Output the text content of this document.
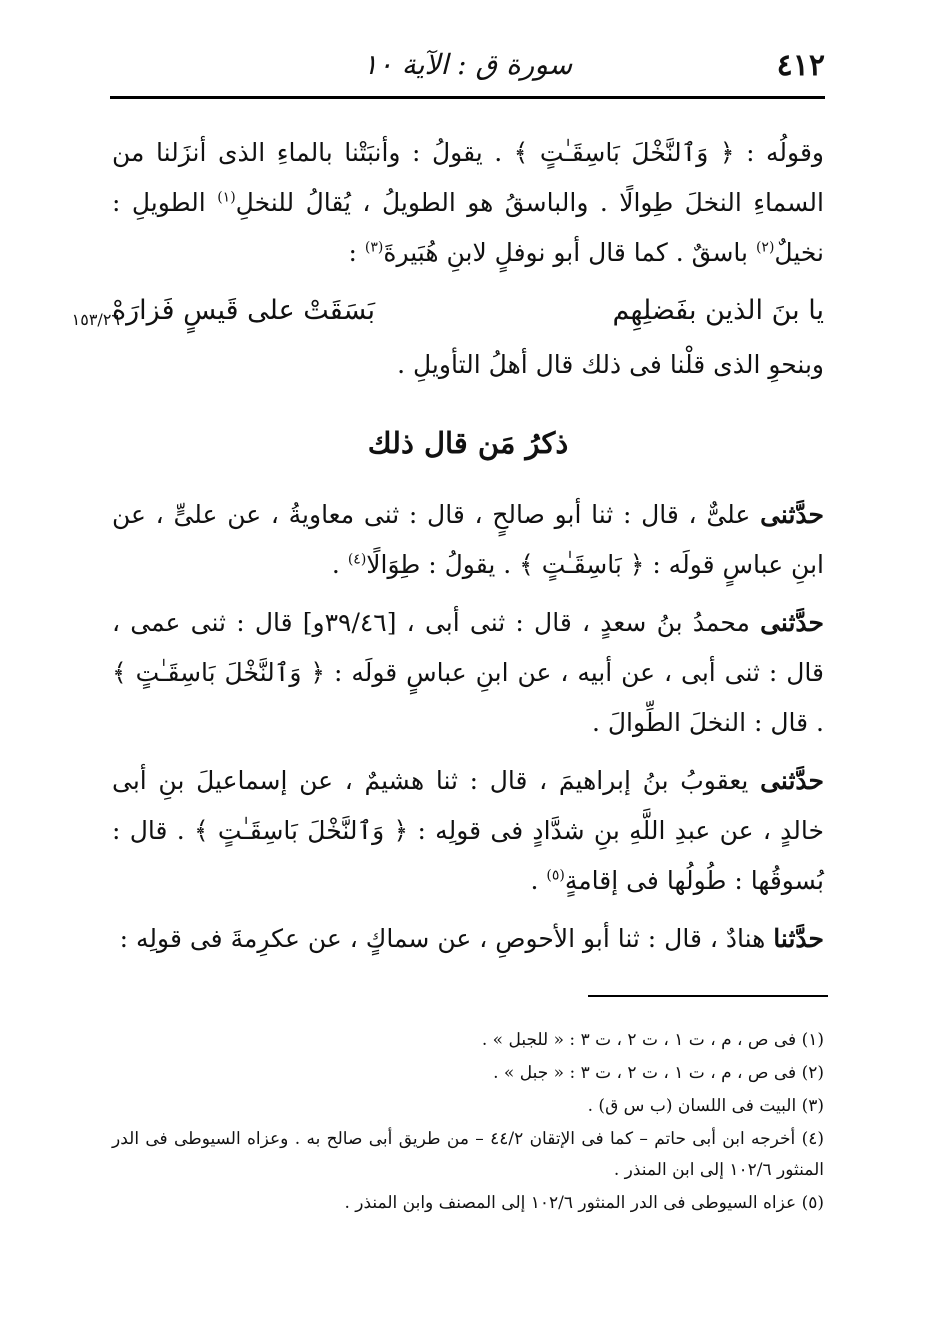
٤١٢
سورة ق : الآية ١٠
١٥٣/٢٦

وقولُه : ﴿ وَٱلنَّخْلَ بَاسِقَـٰتٍ ﴾ . يقولُ : وأنبَتْنا بالماءِ الذى أنزَلنا من السماءِ النخلَ طِوالًا . والباسقُ هو الطويلُ ، يُقالُ للنخلِ$^{(١)}$ الطويلِ : نخيلٌ$^{(٢)}$ باسقٌ . كما قال أبو نوفلٍ لابنِ هُبَيرةَ$^{(٣)}$ :

يا بنَ الذين بفَضلِهِم
بَسَقَتْ على قَيسٍ فَزارَهْ

وبنحوِ الذى قلْنا فى ذلك قال أهلُ التأويلِ .

ذكرُ مَن قال ذلك

حدَّثنى علىٌّ ، قال : ثنا أبو صالحٍ ، قال : ثنى معاويةُ ، عن علىٍّ ، عن ابنِ عباسٍ قولَه : ﴿ بَاسِقَـٰتٍ ﴾ . يقولُ : طِوَالًا$^{(٤)}$ .

حدَّثنى محمدُ بنُ سعدٍ ، قال : ثنى أبى ، [٣٩/٤٦و] قال : ثنى عمى ، قال : ثنى أبى ، عن أبيه ، عن ابنِ عباسٍ قولَه : ﴿ وَٱلنَّخْلَ بَاسِقَـٰتٍ ﴾ . قال : النخلَ الطِّوالَ .

حدَّثنى يعقوبُ بنُ إبراهيمَ ، قال : ثنا هشيمٌ ، عن إسماعيلَ بنِ أبى خالدٍ ، عن عبدِ اللَّهِ بنِ شدَّادٍ فى قولِه : ﴿ وَٱلنَّخْلَ بَاسِقَـٰتٍ ﴾ . قال : بُسوقُها : طُولُها فى إقامةٍ$^{(٥)}$ .

حدَّثنا هنادٌ ، قال : ثنا أبو الأحوصِ ، عن سماكٍ ، عن عكرِمةَ فى قولِه :

(١) فى ص ، م ، ت ١ ، ت ٢ ، ت ٣ : « للجبل » .
(٢) فى ص ، م ، ت ١ ، ت ٢ ، ت ٣ : « جبل » .
(٣) البيت فى اللسان (ب س ق) .
(٤) أخرجه ابن أبى حاتم – كما فى الإتقان ٤٤/٢ – من طريق أبى صالح به . وعزاه السيوطى فى الدر المنثور ١٠٢/٦ إلى ابن المنذر .
(٥) عزاه السيوطى فى الدر المنثور ١٠٢/٦ إلى المصنف وابن المنذر .
